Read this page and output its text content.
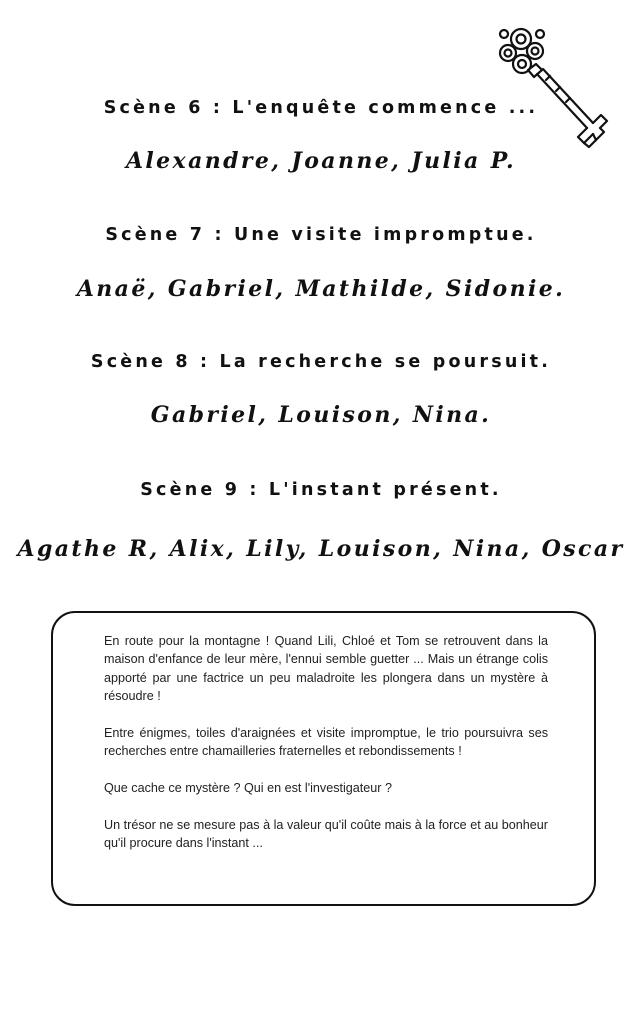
Scène 6 : L'enquête commence ...

Alexandre, Joanne, Julia P.

Scène 7 : Une visite impromptue.

Anaë, Gabriel, Mathilde, Sidonie.

Scène 8 : La recherche se poursuit.

Gabriel, Louison, Nina.

Scène 9 : L'instant présent.

Agathe R, Alix, Lily, Louison, Nina, Oscar

En route pour la montagne ! Quand Lili, Chloé et Tom se retrouvent dans la maison d'enfance de leur mère, l'ennui semble guetter ... Mais un étrange colis apporté par une factrice un peu maladroite les plongera dans un mystère à résoudre !

Entre énigmes, toiles d'araignées et visite impromptue, le trio poursuivra ses recherches entre chamailleries fraternelles et rebondissements !

Que cache ce mystère ? Qui en est l'investigateur ?

Un trésor ne se mesure pas à la valeur qu'il coûte mais à la force et au bonheur qu'il procure dans l'instant ...
